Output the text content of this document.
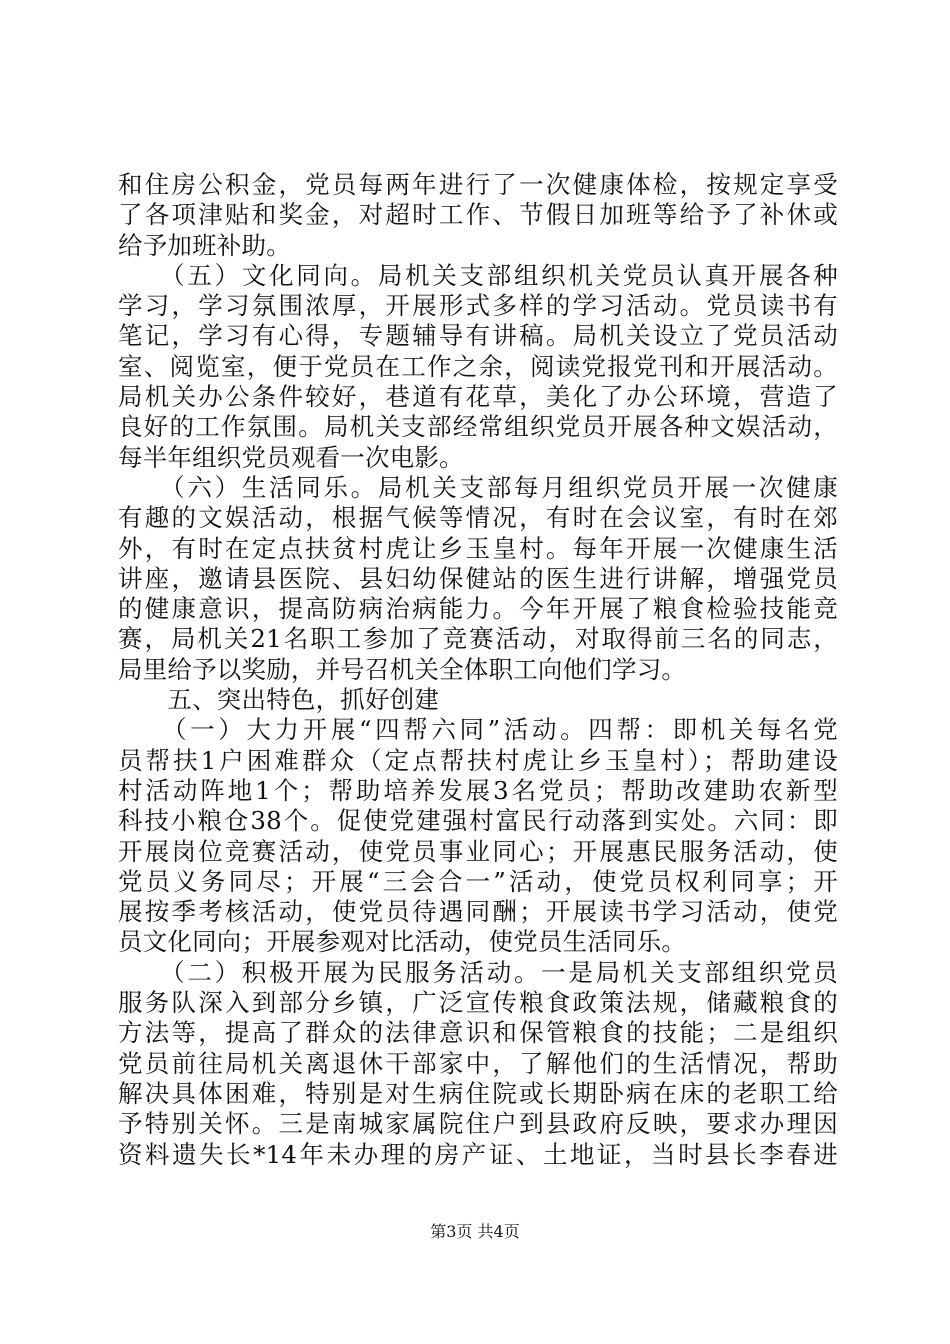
和住房公积金，党员每两年进行了一次健康体检，按规定享受
了各项津贴和奖金，对超时工作、节假日加班等给予了补休或
给予加班补助。
　　（五）文化同向。局机关支部组织机关党员认真开展各种
学习，学习氛围浓厚，开展形式多样的学习活动。党员读书有
笔记，学习有心得，专题辅导有讲稿。局机关设立了党员活动
室、阅览室，便于党员在工作之余，阅读党报党刊和开展活动。
局机关办公条件较好，巷道有花草，美化了办公环境，营造了
良好的工作氛围。局机关支部经常组织党员开展各种文娱活动，
每半年组织党员观看一次电影。
　　（六）生活同乐。局机关支部每月组织党员开展一次健康
有趣的文娱活动，根据气候等情况，有时在会议室，有时在郊
外，有时在定点扶贫村虎让乡玉皇村。每年开展一次健康生活
讲座，邀请县医院、县妇幼保健站的医生进行讲解，增强党员
的健康意识，提高防病治病能力。今年开展了粮食检验技能竞
赛，局机关21名职工参加了竞赛活动，对取得前三名的同志，
局里给予以奖励，并号召机关全体职工向他们学习。
　　五、突出特色，抓好创建
　　（一）大力开展“四帮六同”活动。四帮：即机关每名党
员帮扶1户困难群众（定点帮扶村虎让乡玉皇村）；帮助建设
村活动阵地1个；帮助培养发展3名党员；帮助改建助农新型
科技小粮仓38个。促使党建强村富民行动落到实处。六同：即
开展岗位竞赛活动，使党员事业同心；开展惠民服务活动，使
党员义务同尽；开展“三会合一”活动，使党员权利同享；开
展按季考核活动，使党员待遇同酬；开展读书学习活动，使党
员文化同向；开展参观对比活动，使党员生活同乐。
　　（二）积极开展为民服务活动。一是局机关支部组织党员
服务队深入到部分乡镇，广泛宣传粮食政策法规，储藏粮食的
方法等，提高了群众的法律意识和保管粮食的技能；二是组织
党员前往局机关离退休干部家中，了解他们的生活情况，帮助
解决具体困难，特别是对生病住院或长期卧病在床的老职工给
予特别关怀。三是南城家属院住户到县政府反映，要求办理因
资料遗失长*14年未办理的房产证、土地证，当时县长李春进
第3页 共4页
